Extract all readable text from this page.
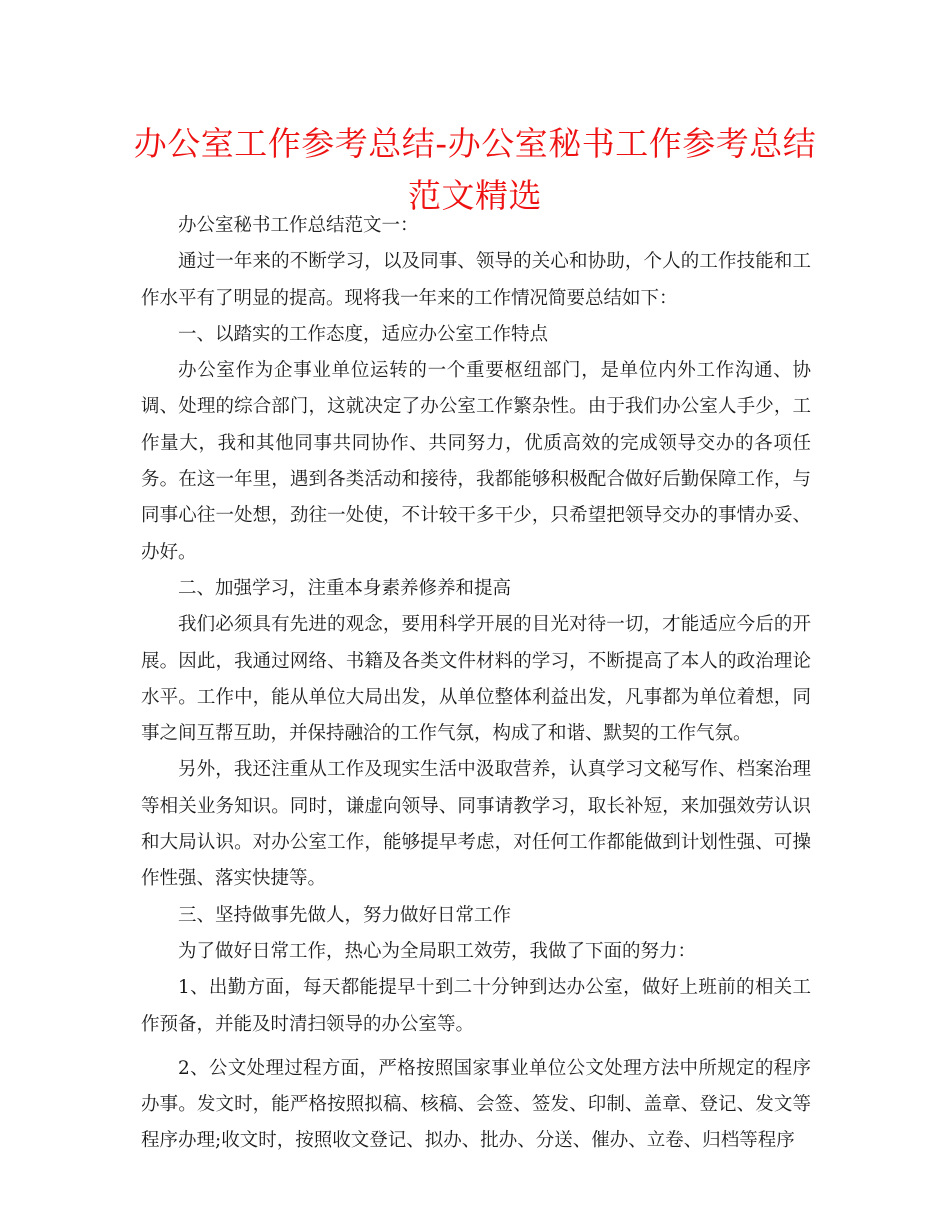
办公室工作参考总结-办公室秘书工作参考总结范文精选

办公室秘书工作总结范文一：

通过一年来的不断学习，以及同事、领导的关心和协助，个人的工作技能和工作水平有了明显的提高。现将我一年来的工作情况简要总结如下：

一、以踏实的工作态度，适应办公室工作特点

办公室作为企事业单位运转的一个重要枢纽部门，是单位内外工作沟通、协调、处理的综合部门，这就决定了办公室工作繁杂性。由于我们办公室人手少，工作量大，我和其他同事共同协作、共同努力，优质高效的完成领导交办的各项任务。在这一年里，遇到各类活动和接待，我都能够积极配合做好后勤保障工作，与同事心往一处想，劲往一处使，不计较干多干少，只希望把领导交办的事情办妥、办好。

二、加强学习，注重本身素养修养和提高

我们必须具有先进的观念，要用科学开展的目光对待一切，才能适应今后的开展。因此，我通过网络、书籍及各类文件材料的学习，不断提高了本人的政治理论水平。工作中，能从单位大局出发，从单位整体利益出发，凡事都为单位着想，同事之间互帮互助，并保持融洽的工作气氛，构成了和谐、默契的工作气氛。

另外，我还注重从工作及现实生活中汲取营养，认真学习文秘写作、档案治理等相关业务知识。同时，谦虚向领导、同事请教学习，取长补短，来加强效劳认识和大局认识。对办公室工作，能够提早考虑，对任何工作都能做到计划性强、可操作性强、落实快捷等。

三、坚持做事先做人，努力做好日常工作

为了做好日常工作，热心为全局职工效劳，我做了下面的努力：

1、出勤方面，每天都能提早十到二十分钟到达办公室，做好上班前的相关工作预备，并能及时清扫领导的办公室等。

2、公文处理过程方面，严格按照国家事业单位公文处理方法中所规定的程序办事。发文时，能严格按照拟稿、核稿、会签、签发、印制、盖章、登记、发文等程序办理;收文时，按照收文登记、拟办、批办、分送、催办、立卷、归档等程序
